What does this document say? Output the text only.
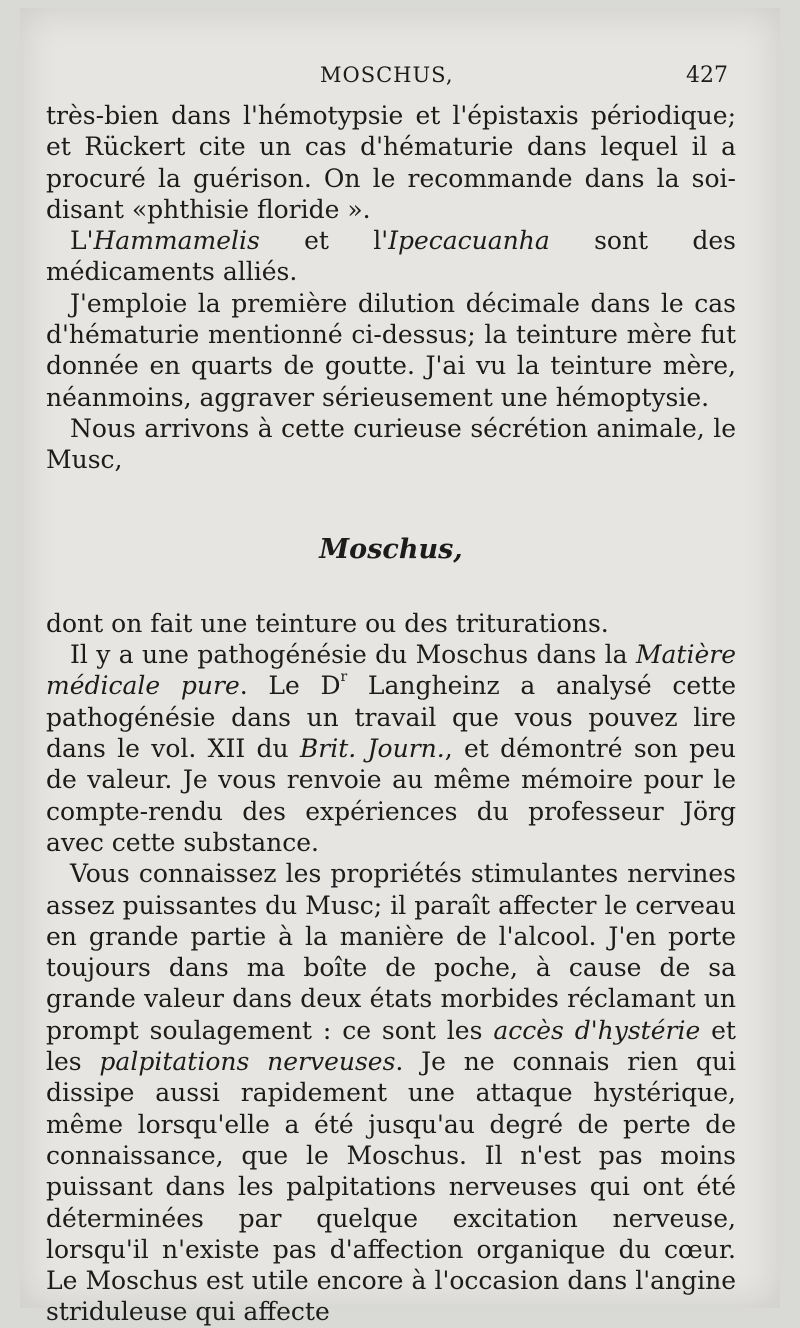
MOSCHUS,	427

très-bien dans l'hémotypsie et l'épistaxis périodique; et Rückert cite un cas d'hématurie dans lequel il a procuré la guérison. On le recommande dans la soi-disant «phthisie floride ».

L'Hammamelis et l'Ipecacuanha sont des médicaments alliés.

J'emploie la première dilution décimale dans le cas d'hématurie mentionné ci-dessus; la teinture mère fut donnée en quarts de goutte. J'ai vu la teinture mère, néanmoins, aggraver sérieusement une hémoptysie.

Nous arrivons à cette curieuse sécrétion animale, le Musc,

Moschus,

dont on fait une teinture ou des triturations.

Il y a une pathogénésie du Moschus dans la Matière médicale pure. Le $D^r$ Langheinz a analysé cette pathogénésie dans un travail que vous pouvez lire dans le vol. XII du Brit. Journ., et démontré son peu de valeur. Je vous renvoie au même mémoire pour le compte-rendu des expériences du professeur Jörg avec cette substance.

Vous connaissez les propriétés stimulantes nervines assez puissantes du Musc; il paraît affecter le cerveau en grande partie à la manière de l'alcool. J'en porte toujours dans ma boîte de poche, à cause de sa grande valeur dans deux états morbides réclamant un prompt soulagement : ce sont les accès d'hystérie et les palpitations nerveuses. Je ne connais rien qui dissipe aussi rapidement une attaque hystérique, même lorsqu'elle a été jusqu'au degré de perte de connaissance, que le Moschus. Il n'est pas moins puissant dans les palpitations nerveuses qui ont été déterminées par quelque excitation nerveuse, lorsqu'il n'existe pas d'affection organique du cœur. Le Moschus est utile encore à l'occasion dans l'angine striduleuse qui affecte
